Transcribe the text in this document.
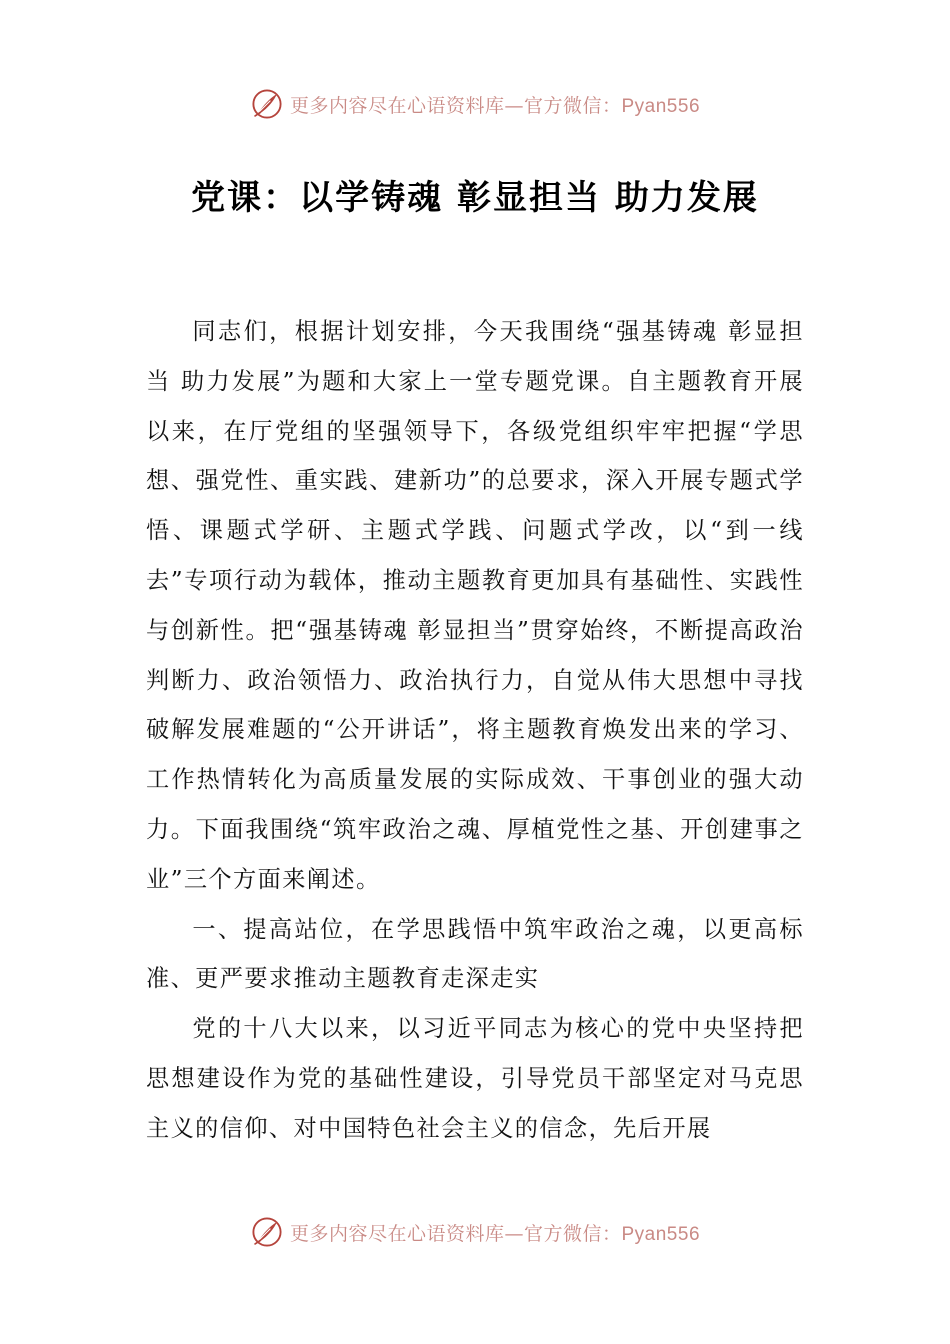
更多内容尽在心语资料库—官方微信：Pyan556
党课：以学铸魂 彰显担当 助力发展

同志们，根据计划安排，今天我围绕“强基铸魂 彰显担当 助力发展”为题和大家上一堂专题党课。自主题教育开展以来，在厅党组的坚强领导下，各级党组织牢牢把握“学思想、强党性、重实践、建新功”的总要求，深入开展专题式学悟、课题式学研、主题式学践、问题式学改，以“到一线去”专项行动为载体，推动主题教育更加具有基础性、实践性与创新性。把“强基铸魂 彰显担当”贯穿始终，不断提高政治判断力、政治领悟力、政治执行力，自觉从伟大思想中寻找破解发展难题的“公开讲话”，将主题教育焕发出来的学习、工作热情转化为高质量发展的实际成效、干事创业的强大动力。下面我围绕“筑牢政治之魂、厚植党性之基、开创建事之业”三个方面来阐述。

一、提高站位，在学思践悟中筑牢政治之魂，以更高标准、更严要求推动主题教育走深走实

党的十八大以来，以习近平同志为核心的党中央坚持把思想建设作为党的基础性建设，引导党员干部坚定对马克思主义的信仰、对中国特色社会主义的信念，先后开展

更多内容尽在心语资料库—官方微信：Pyan556
